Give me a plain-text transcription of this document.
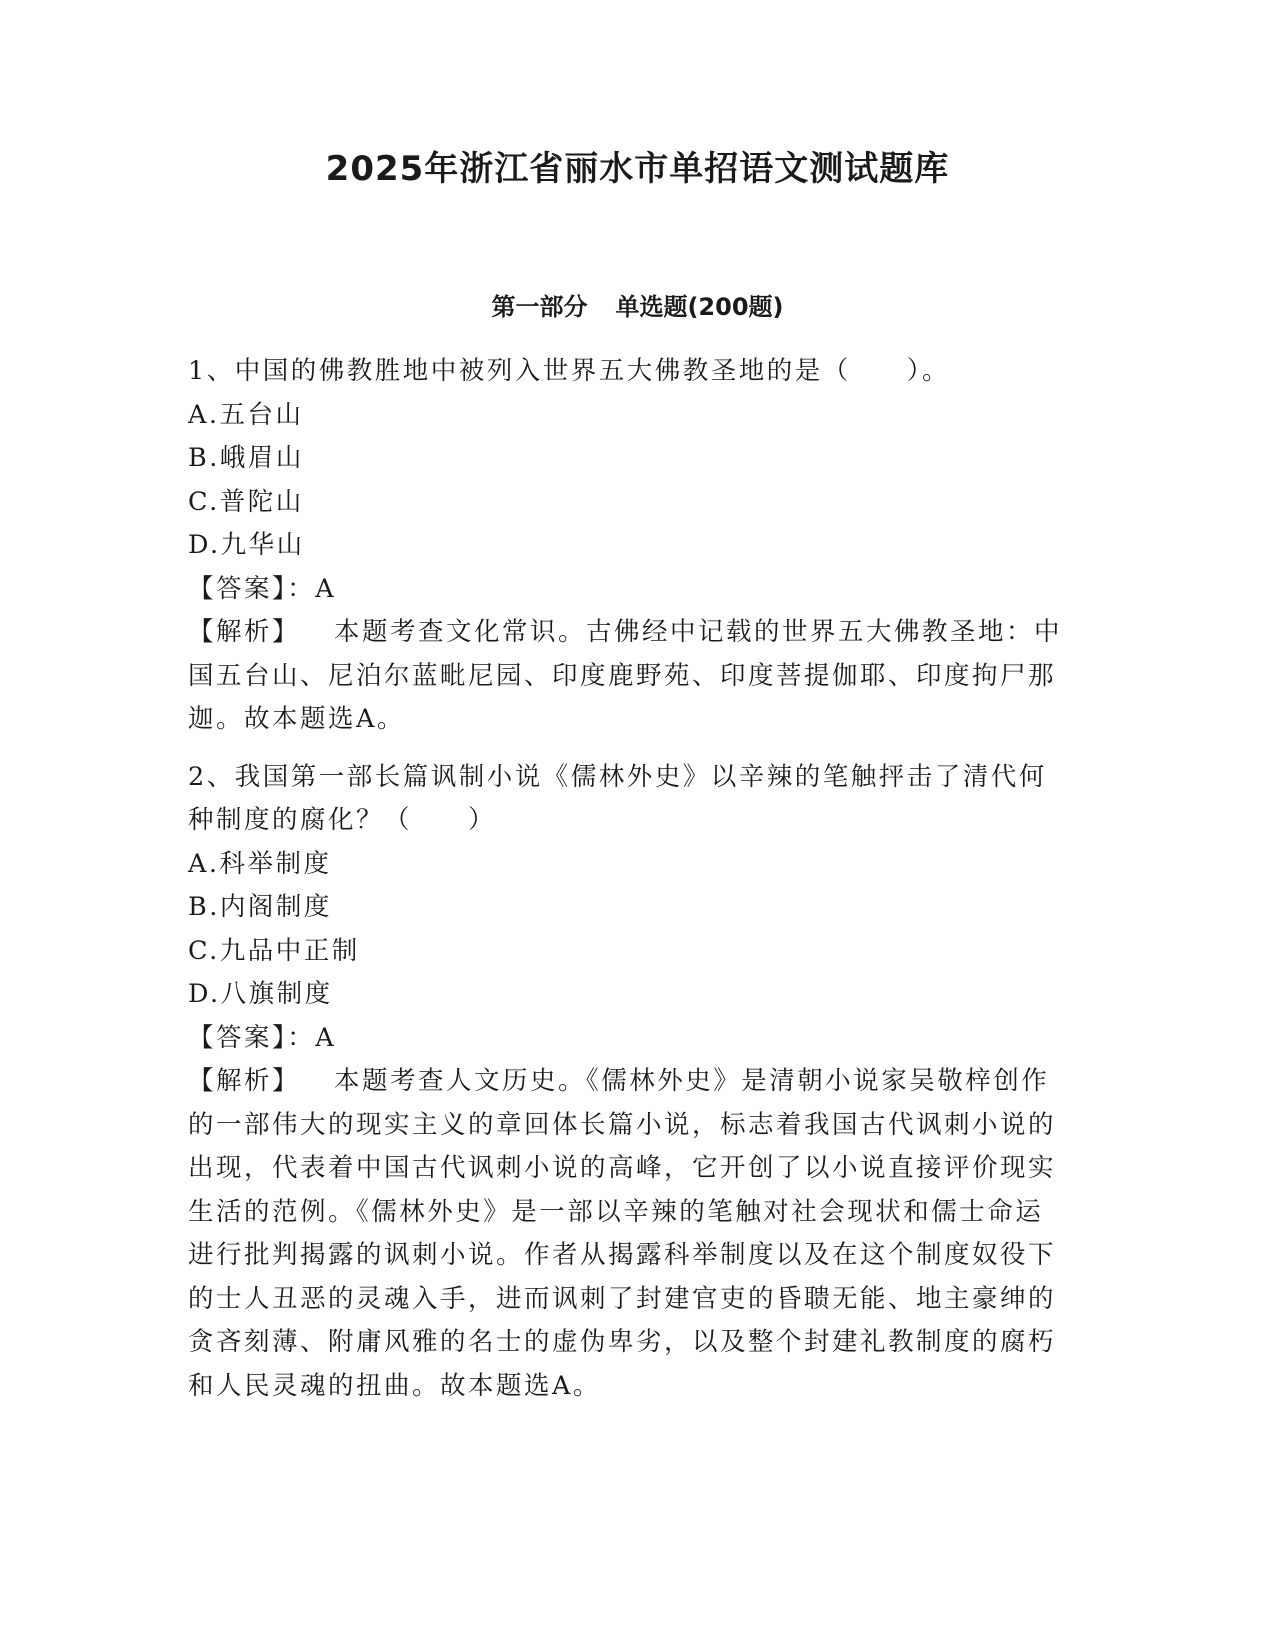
2025年浙江省丽水市单招语文测试题库
第一部分 单选题(200题)
1、中国的佛教胜地中被列入世界五大佛教圣地的是（　　）。
A.五台山
B.峨眉山
C.普陀山
D.九华山
【答案】：A
【解析】 本题考查文化常识。古佛经中记载的世界五大佛教圣地：中国五台山、尼泊尔蓝毗尼园、印度鹿野苑、印度菩提伽耶、印度拘尸那迦。故本题选A。
2、我国第一部长篇讽制小说《儒林外史》以辛辣的笔触抨击了清代何种制度的腐化？（　　）
A.科举制度
B.内阁制度
C.九品中正制
D.八旗制度
【答案】：A
【解析】 本题考查人文历史。《儒林外史》是清朝小说家吴敬梓创作的一部伟大的现实主义的章回体长篇小说，标志着我国古代讽刺小说的出现，代表着中国古代讽刺小说的高峰，它开创了以小说直接评价现实生活的范例。《儒林外史》是一部以辛辣的笔触对社会现状和儒士命运进行批判揭露的讽刺小说。作者从揭露科举制度以及在这个制度奴役下的士人丑恶的灵魂入手，进而讽刺了封建官吏的昏聩无能、地主豪绅的贪吝刻薄、附庸风雅的名士的虚伪卑劣，以及整个封建礼教制度的腐朽和人民灵魂的扭曲。故本题选A。
